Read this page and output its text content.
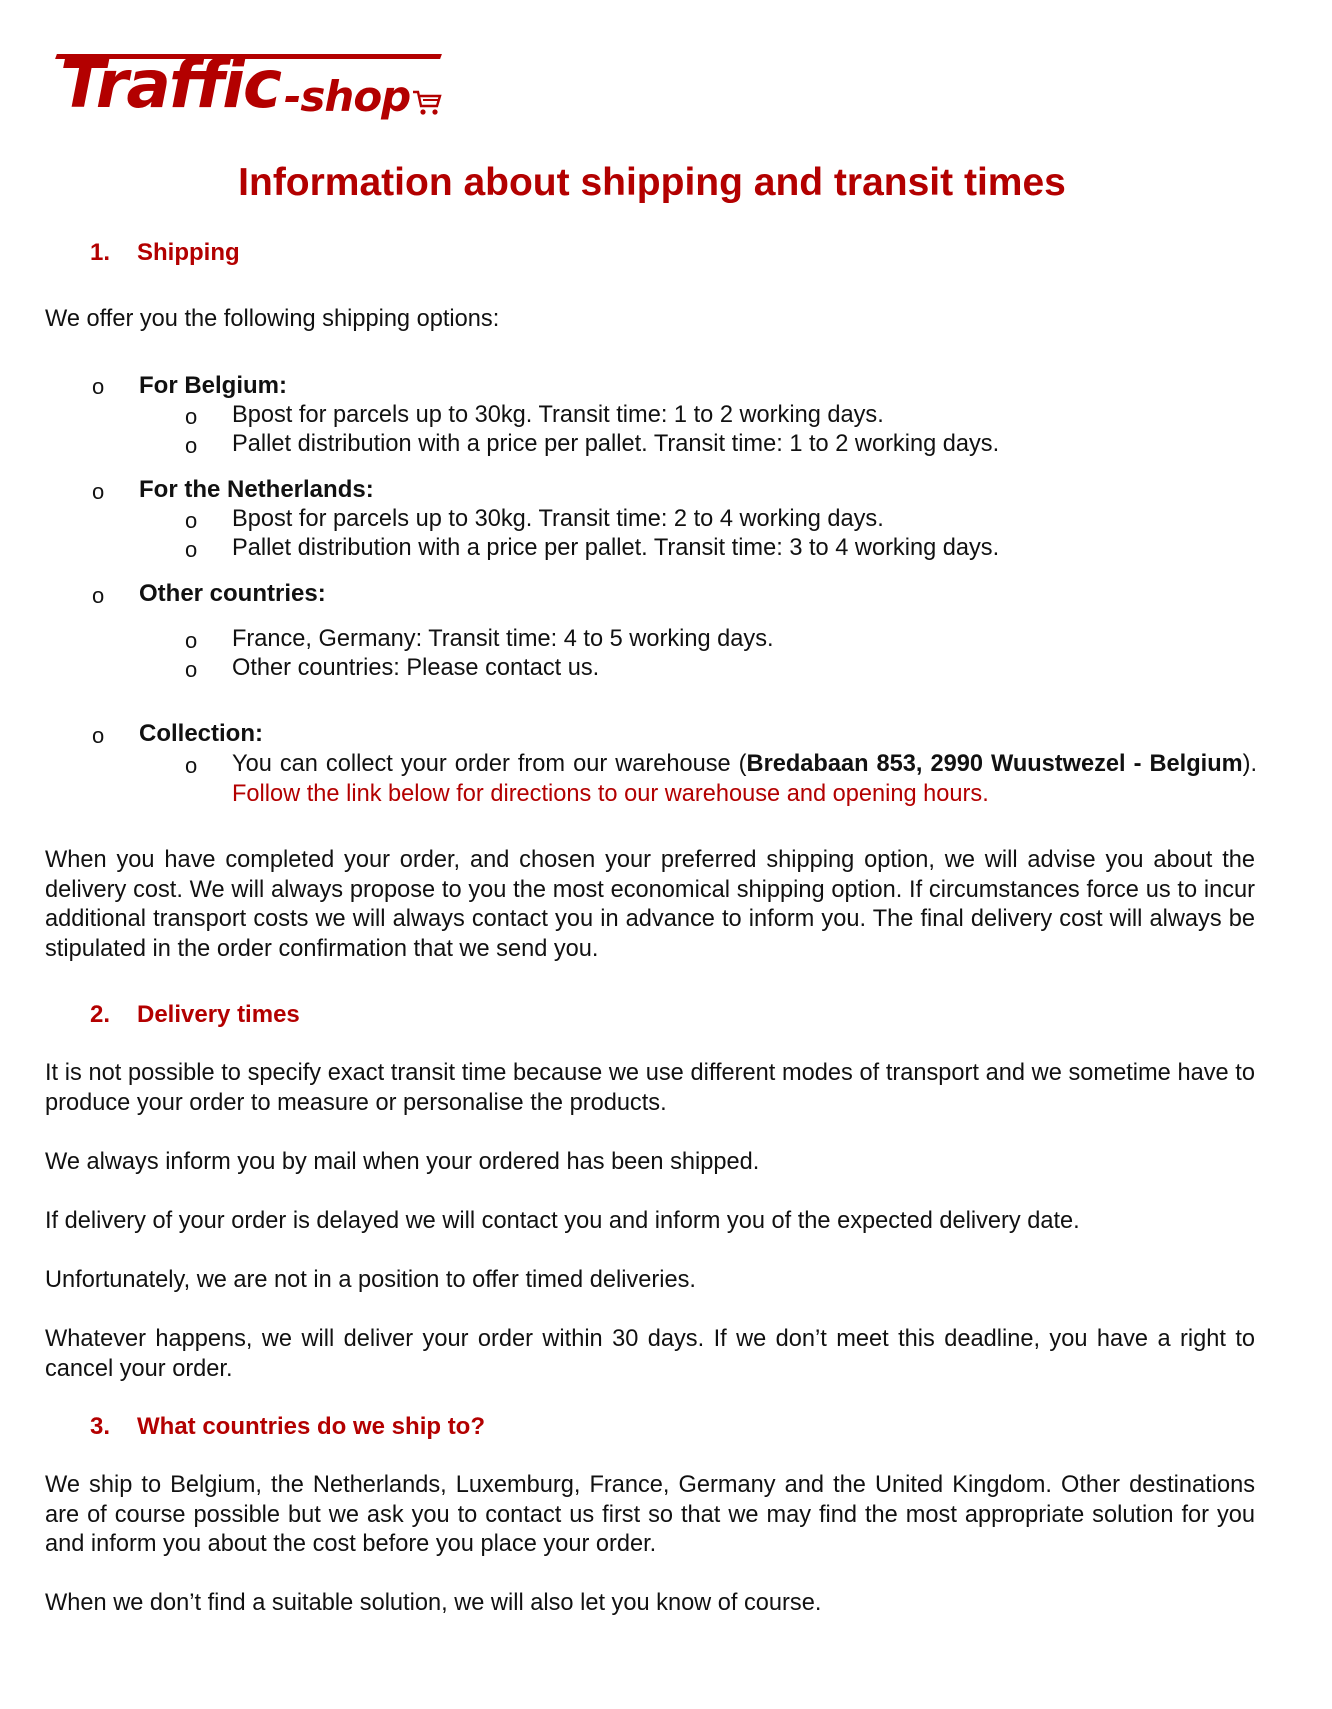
Traffic -shop
Information about shipping and transit times
1. Shipping
We offer you the following shipping options:
o For Belgium:
o Bpost for parcels up to 30kg. Transit time: 1 to 2 working days.
o Pallet distribution with a price per pallet. Transit time: 1 to 2 working days.
o For the Netherlands:
o Bpost for parcels up to 30kg. Transit time: 2 to 4 working days.
o Pallet distribution with a price per pallet. Transit time: 3 to 4 working days.
o Other countries:
o France, Germany: Transit time: 4 to 5 working days.
o Other countries: Please contact us.
o Collection:
o You can collect your order from our warehouse (Bredabaan 853, 2990 Wuustwezel - Belgium). Follow the link below for directions to our warehouse and opening hours.
When you have completed your order, and chosen your preferred shipping option, we will advise you about the delivery cost. We will always propose to you the most economical shipping option. If circumstances force us to incur additional transport costs we will always contact you in advance to inform you. The final delivery cost will always be stipulated in the order confirmation that we send you.
2. Delivery times
It is not possible to specify exact transit time because we use different modes of transport and we sometime have to produce your order to measure or personalise the products.
We always inform you by mail when your ordered has been shipped.
If delivery of your order is delayed we will contact you and inform you of the expected delivery date.
Unfortunately, we are not in a position to offer timed deliveries.
Whatever happens, we will deliver your order within 30 days. If we don’t meet this deadline, you have a right to cancel your order.
3. What countries do we ship to?
We ship to Belgium, the Netherlands, Luxemburg, France, Germany and the United Kingdom. Other destinations are of course possible but we ask you to contact us first so that we may find the most appropriate solution for you and inform you about the cost before you place your order.
When we don’t find a suitable solution, we will also let you know of course.
